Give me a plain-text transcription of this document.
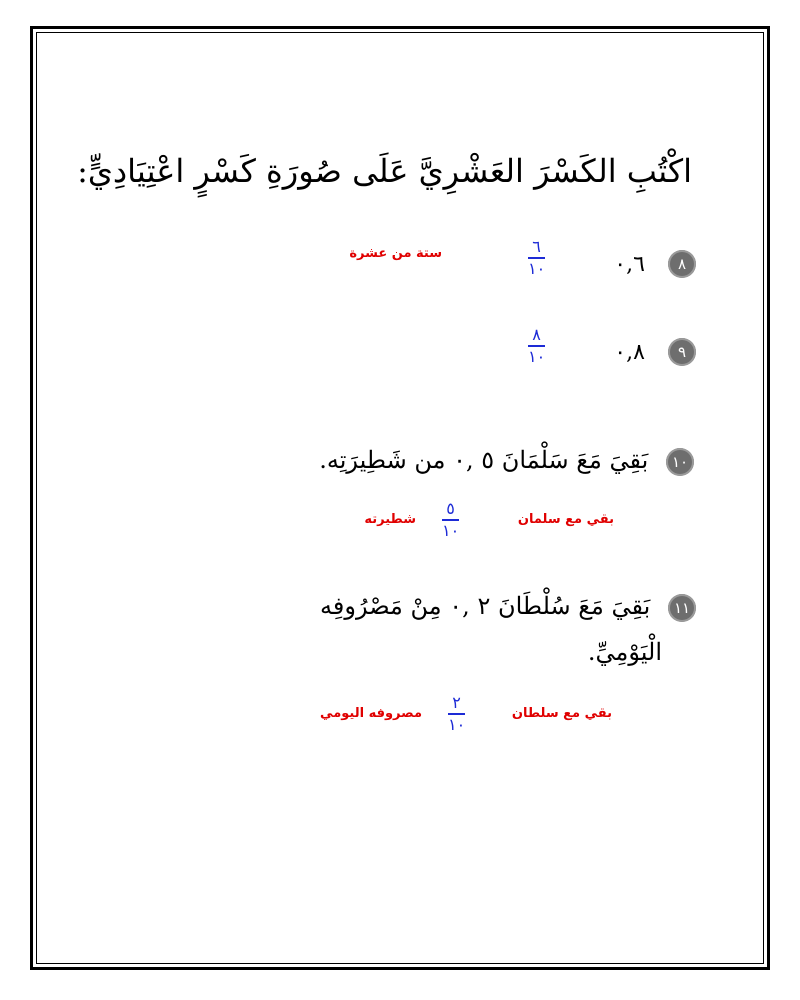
اكْتُبِ الكَسْرَ العَشْرِيَّ عَلَى صُورَةِ كَسْرٍ اعْتِيَادِيٍّ:
٨ ٠,٦
٦
١٠
ستة من عشرة
٩ ٠,٨
٨
١٠
١٠ بَقِيَ مَعَ سَلْمَانَ ٥ ,٠ من شَطِيرَتِه.
بقي مع سلمان
٥
١٠
شطيرته
١١ بَقِيَ مَعَ سُلْطَانَ ٢ ,٠ مِنْ مَصْرُوفِه
الْيَوْمِيِّ.
بقي مع سلطان
٢
١٠
مصروفه اليومي
